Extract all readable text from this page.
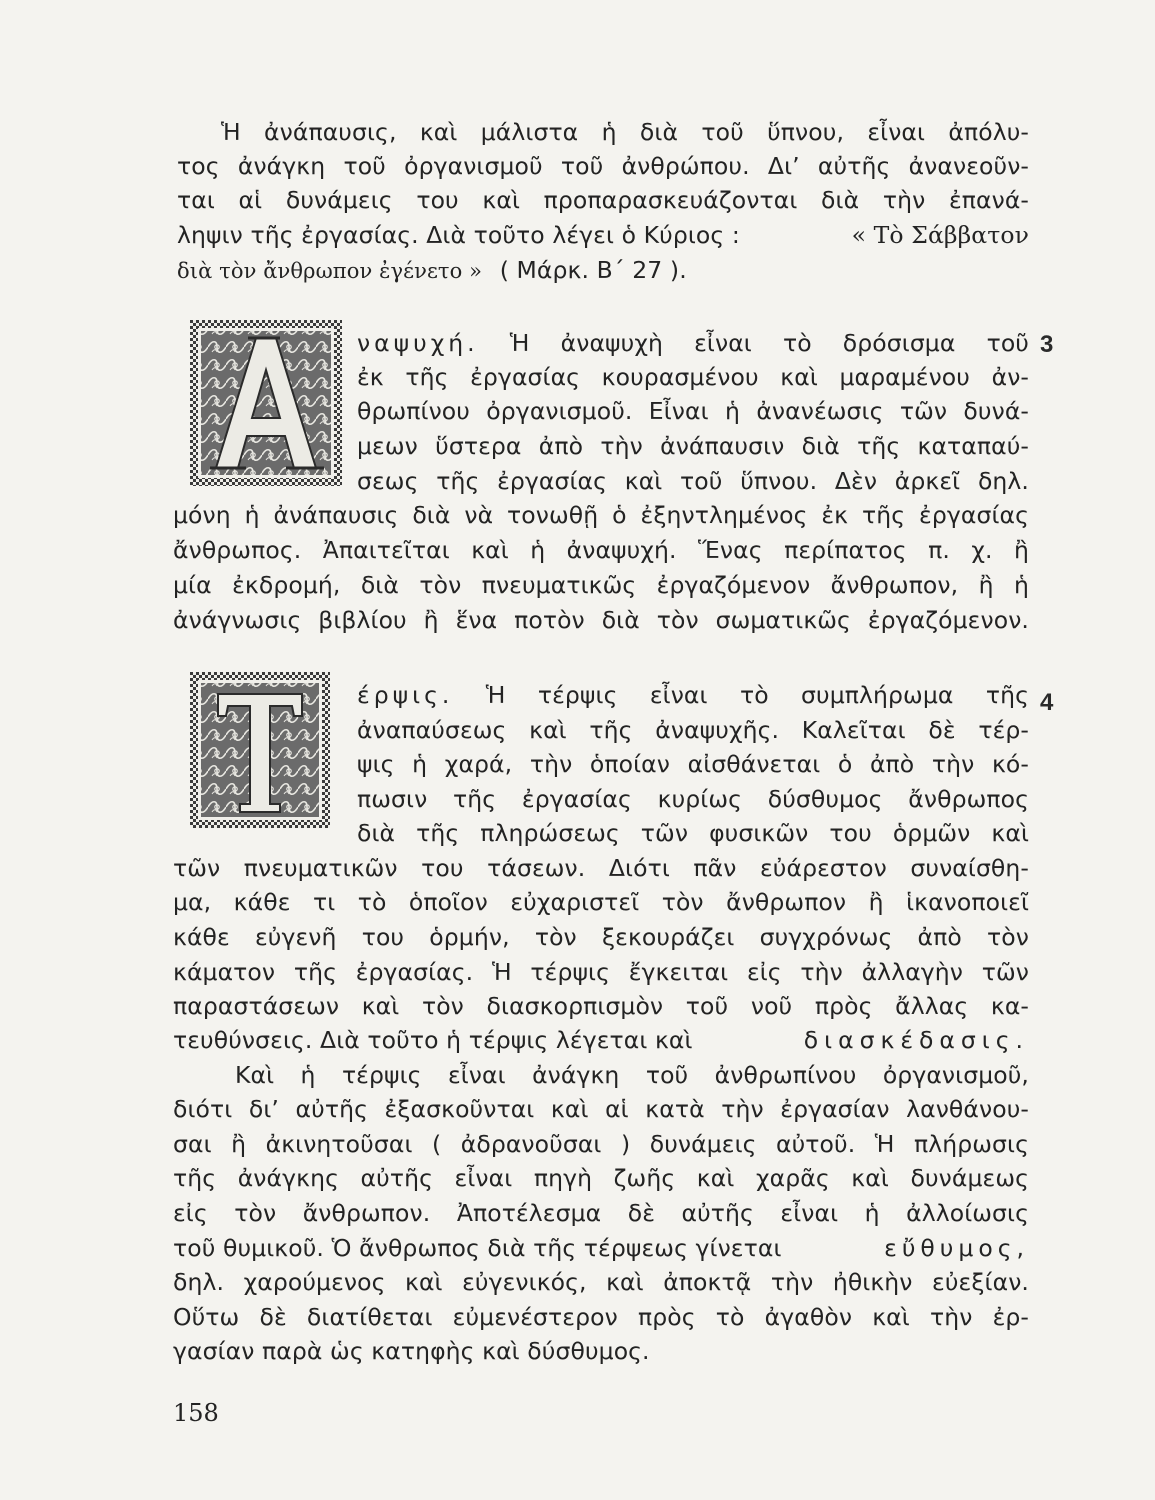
Ἡ ἀνάπαυσις, καὶ μάλιστα ἡ διὰ τοῦ ὕπνου, εἶναι ἀπόλυ-
τος ἀνάγκη τοῦ ὀργανισμοῦ τοῦ ἀνθρώπου. Δι’ αὐτῆς ἀνανεοῦν-
ται αἱ δυνάμεις του καὶ προπαρασκευάζονται διὰ τὴν ἐπανά-
ληψιν τῆς ἐργασίας. Διὰ τοῦτο λέγει ὁ Κύριος :	« Τὸ Σάββατον
διὰ τὸν ἄνθρωπον ἐγένετο » ( Μάρκ. Β΄ 27 ).
ναψυχή. Ἡ ἀναψυχὴ εἶναι τὸ δρόσισμα τοῦ 3
ἐκ τῆς ἐργασίας κουρασμένου καὶ μαραμένου ἀν-
θρωπίνου ὀργανισμοῦ. Εἶναι ἡ ἀνανέωσις τῶν δυνά-
μεων ὕστερα ἀπὸ τὴν ἀνάπαυσιν διὰ τῆς καταπαύ-
σεως τῆς ἐργασίας καὶ τοῦ ὕπνου. Δὲν ἀρκεῖ δηλ.
μόνη ἡ ἀνάπαυσις διὰ νὰ τονωθῇ ὁ ἐξηντλημένος ἐκ τῆς ἐργασίας
ἄνθρωπος. Ἀπαιτεῖται καὶ ἡ ἀναψυχή. Ἕνας περίπατος π. χ. ἢ
μία ἐκδρομή, διὰ τὸν πνευματικῶς ἐργαζόμενον ἄνθρωπον, ἢ ἡ
ἀνάγνωσις βιβλίου ἢ ἕνα ποτὸν διὰ τὸν σωματικῶς ἐργαζόμενον.
έρψις. Ἡ τέρψις εἶναι τὸ συμπλήρωμα τῆς 4
ἀναπαύσεως καὶ τῆς ἀναψυχῆς. Καλεῖται δὲ τέρ-
ψις ἡ χαρά, τὴν ὁποίαν αἰσθάνεται ὁ ἀπὸ τὴν κό-
πωσιν τῆς ἐργασίας κυρίως δύσθυμος ἄνθρωπος
διὰ τῆς πληρώσεως τῶν φυσικῶν του ὁρμῶν καὶ
τῶν πνευματικῶν του τάσεων. Διότι πᾶν εὐάρεστον συναίσθη-
μα, κάθε τι τὸ ὁποῖον εὐχαριστεῖ τὸν ἄνθρωπον ἢ ἱκανοποιεῖ
κάθε εὐγενῆ του ὁρμήν, τὸν ξεκουράζει συγχρόνως ἀπὸ τὸν
κάματον τῆς ἐργασίας. Ἡ τέρψις ἔγκειται εἰς τὴν ἀλλαγὴν τῶν
παραστάσεων καὶ τὸν διασκορπισμὸν τοῦ νοῦ πρὸς ἄλλας κα-
τευθύνσεις. Διὰ τοῦτο ἡ τέρψις λέγεται καὶ	διασκέδασις.
Καὶ ἡ τέρψις εἶναι ἀνάγκη τοῦ ἀνθρωπίνου ὀργανισμοῦ,
διότι δι’ αὐτῆς ἐξασκοῦνται καὶ αἱ κατὰ τὴν ἐργασίαν λανθάνου-
σαι ἢ ἀκινητοῦσαι ( ἀδρανοῦσαι ) δυνάμεις αὐτοῦ. Ἡ πλήρωσις
τῆς ἀνάγκης αὐτῆς εἶναι πηγὴ ζωῆς καὶ χαρᾶς καὶ δυνάμεως
εἰς τὸν ἄνθρωπον. Ἀποτέλεσμα δὲ αὐτῆς εἶναι ἡ ἀλλοίωσις
τοῦ θυμικοῦ. Ὁ ἄνθρωπος διὰ τῆς τέρψεως γίνεται	εὔθυμος,
δηλ. χαρούμενος καὶ εὐγενικός, καὶ ἀποκτᾷ τὴν ἠθικὴν εὐεξίαν.
Οὕτω δὲ διατίθεται εὐμενέστερον πρὸς τὸ ἀγαθὸν καὶ τὴν ἐρ-
γασίαν παρὰ ὡς κατηφὴς καὶ δύσθυμος.
158
